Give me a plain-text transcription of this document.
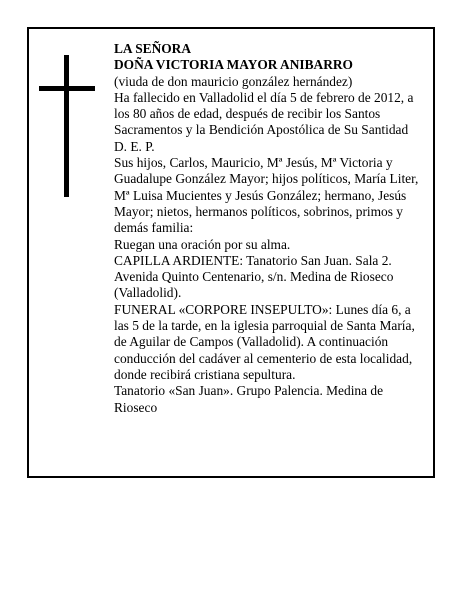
LA SEÑORA

DOÑA VICTORIA MAYOR ANIBARRO

(viuda de don mauricio gonzález hernández)

Ha fallecido en Valladolid el día 5 de febrero de 2012, a los 80 años de edad, después de recibir los Santos Sacramentos y la Bendición Apostólica de Su Santidad

D. E. P.

Sus hijos, Carlos, Mauricio, Mª Jesús, Mª Victoria y Guadalupe González Mayor; hijos políticos, María Liter, Mª Luisa Mucientes y Jesús González; hermano, Jesús Mayor; nietos, hermanos políticos, sobrinos, primos y demás familia:

Ruegan una oración por su alma.

CAPILLA ARDIENTE: Tanatorio San Juan. Sala 2. Avenida Quinto Centenario, s/n. Medina de Rioseco (Valladolid).

FUNERAL «CORPORE INSEPULTO»: Lunes día 6, a las 5 de la tarde, en la iglesia parroquial de Santa María, de Aguilar de Campos (Valladolid). A continuación conducción del cadáver al cementerio de esta localidad, donde recibirá cristiana sepultura.

Tanatorio «San Juan». Grupo Palencia. Medina de Rioseco
